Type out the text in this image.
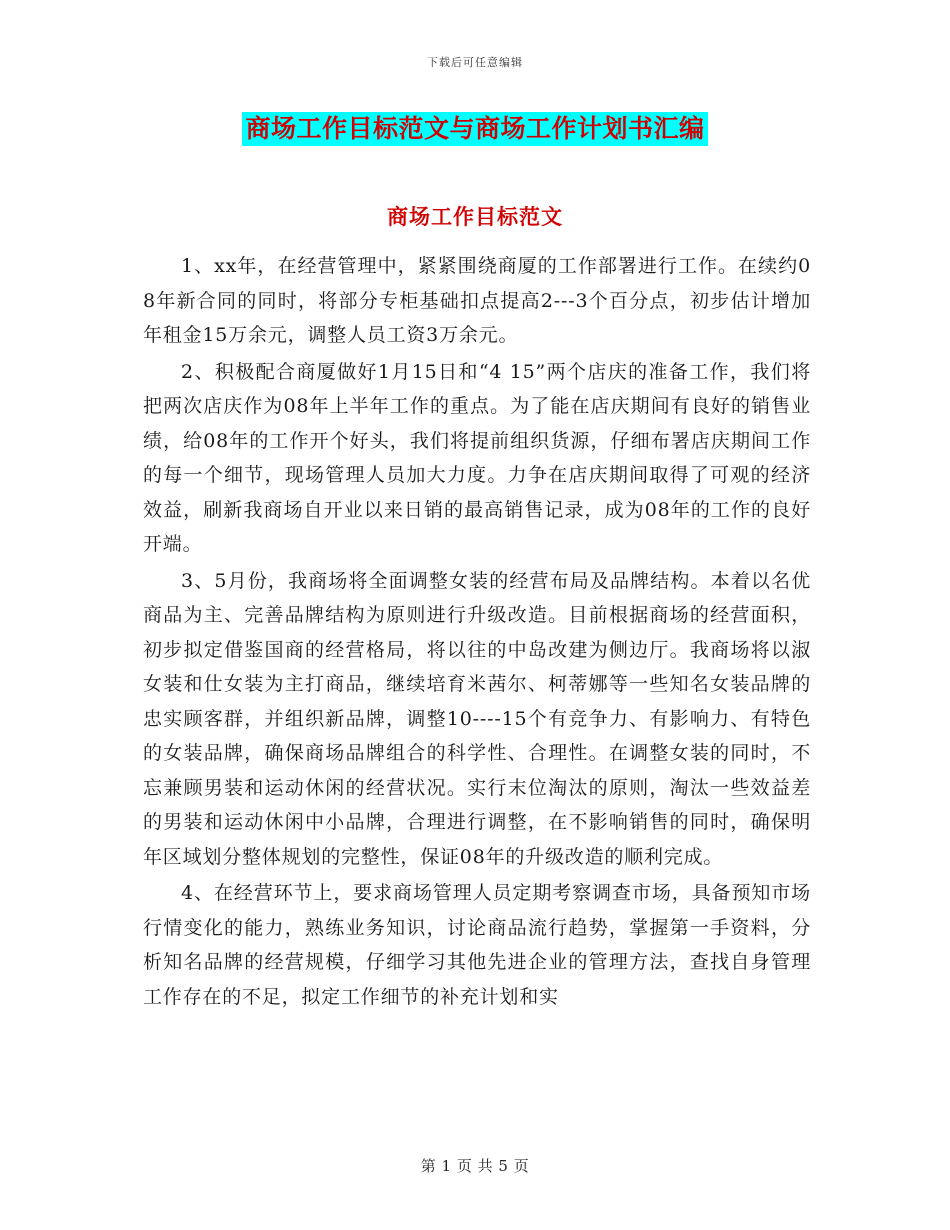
下载后可任意编辑
商场工作目标范文与商场工作计划书汇编
商场工作目标范文

1、xx年，在经营管理中，紧紧围绕商厦的工作部署进行工作。在续约08年新合同的同时，将部分专柜基础扣点提高2---3个百分点，初步估计增加年租金15万余元，调整人员工资3万余元。

2、积极配合商厦做好1月15日和“4 15”两个店庆的准备工作，我们将把两次店庆作为08年上半年工作的重点。为了能在店庆期间有良好的销售业绩，给08年的工作开个好头，我们将提前组织货源，仔细布署店庆期间工作的每一个细节，现场管理人员加大力度。力争在店庆期间取得了可观的经济效益，刷新我商场自开业以来日销的最高销售记录，成为08年的工作的良好开端。

3、5月份，我商场将全面调整女装的经营布局及品牌结构。本着以名优商品为主、完善品牌结构为原则进行升级改造。目前根据商场的经营面积，初步拟定借鉴国商的经营格局，将以往的中岛改建为侧边厅。我商场将以淑女装和仕女装为主打商品，继续培育米茜尔、柯蒂娜等一些知名女装品牌的忠实顾客群，并组织新品牌，调整10----15个有竞争力、有影响力、有特色的女装品牌，确保商场品牌组合的科学性、合理性。在调整女装的同时，不忘兼顾男装和运动休闲的经营状况。实行末位淘汰的原则，淘汰一些效益差的男装和运动休闲中小品牌，合理进行调整，在不影响销售的同时，确保明年区域划分整体规划的完整性，保证08年的升级改造的顺利完成。

4、在经营环节上，要求商场管理人员定期考察调查市场，具备预知市场行情变化的能力，熟练业务知识，讨论商品流行趋势，掌握第一手资料，分析知名品牌的经营规模，仔细学习其他先进企业的管理方法，查找自身管理工作存在的不足，拟定工作细节的补充计划和实

第 1 页 共 5 页
